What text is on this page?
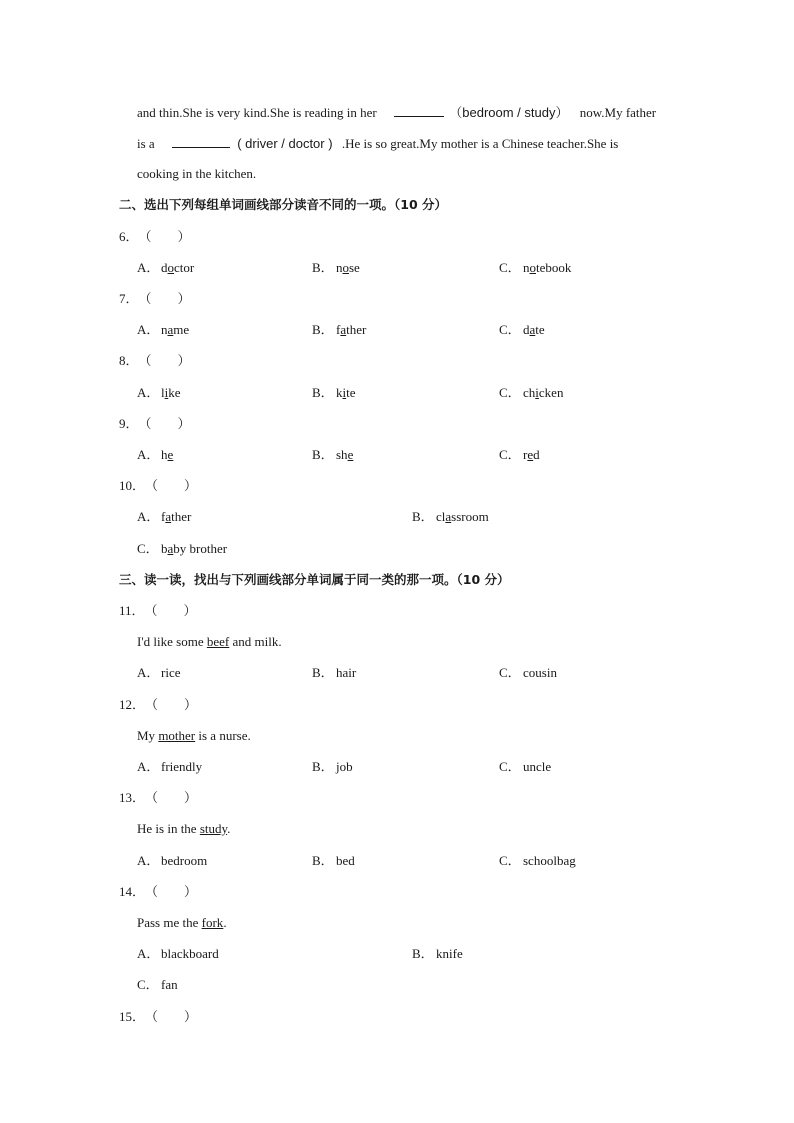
and thin.She is very kind.She is reading in her	（bedroom / study） now.My father
is a	( driver / doctor ) .He is so great.My mother is a Chinese teacher.She is
cooking in the kitchen.
二、选出下列每组单词画线部分读音不同的一项。（10 分）
6．（　　）
A． doctor	B． nose	C． notebook
7．（　　）
A． name	B． father	C． date
8．（　　）
A． like	B． kite	C． chicken
9．（　　）
A． he	B． she	C． red
10．（　　）
A． father	B． classroom
C． baby brother
三、读一读，找出与下列画线部分单词属于同一类的那一项。（10 分）
11．（　　）
I'd like some beef and milk.
A． rice	B． hair	C． cousin
12．（　　）
My mother is a nurse.
A． friendly	B． job	C． uncle
13．（　　）
He is in the study.
A． bedroom	B． bed	C． schoolbag
14．（　　）
Pass me the fork.
A． blackboard	B． knife
C． fan
15．（　　）
